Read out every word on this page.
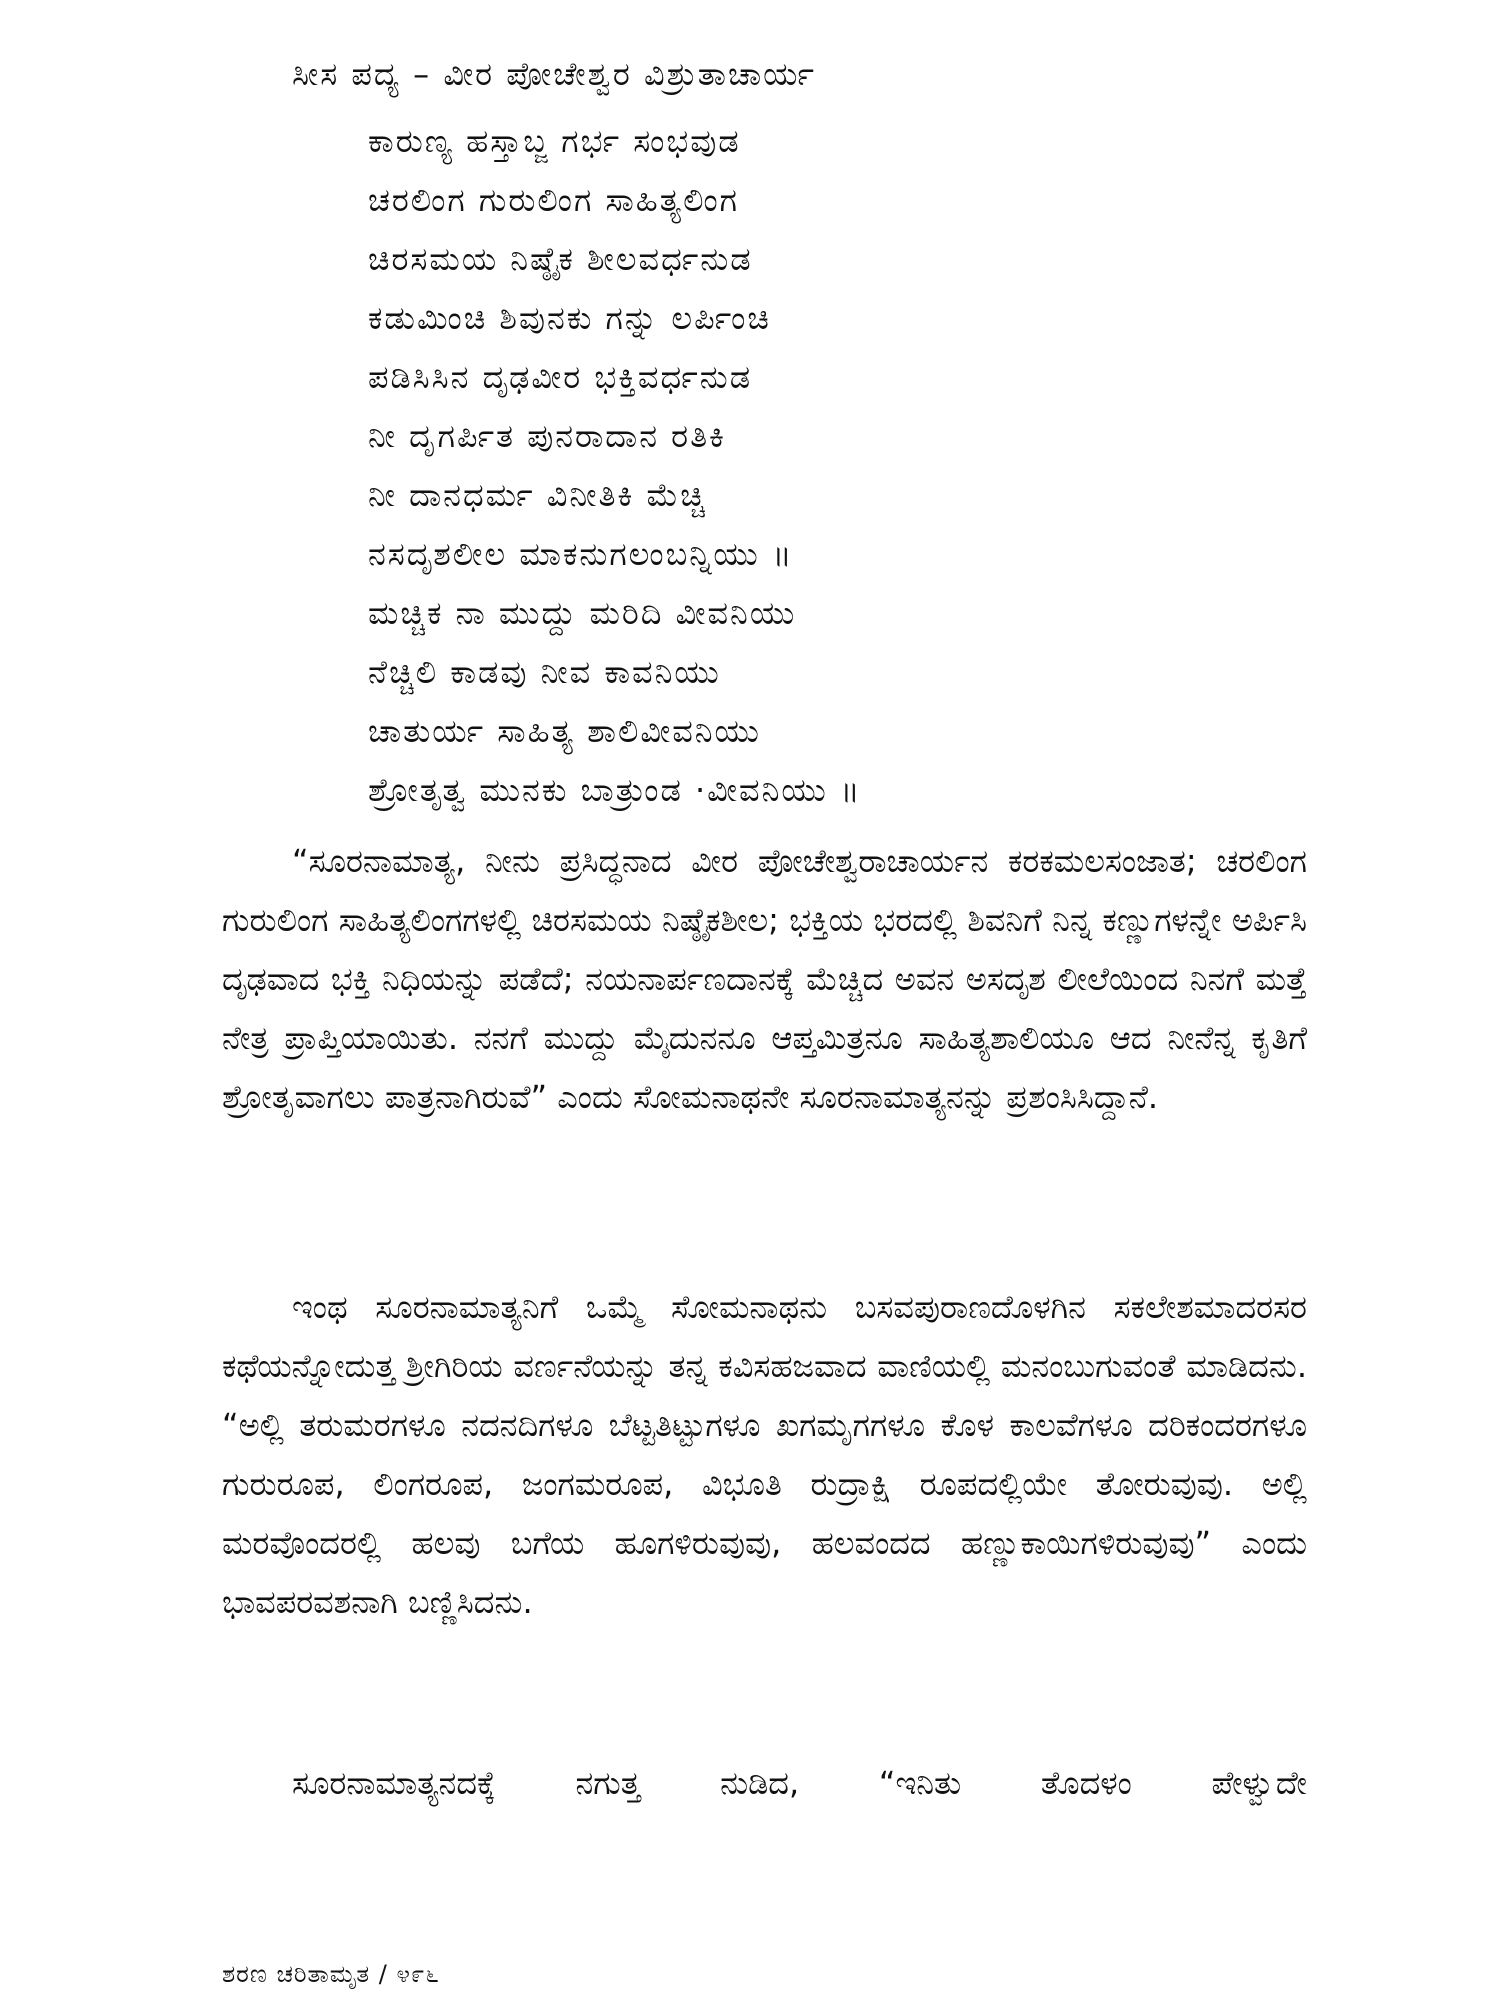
ಸೀಸ ಪದ್ಯ – ವೀರ ಪೋಚೇಶ್ವರ ವಿಶ್ರುತಾಚಾರ್ಯ
ಕಾರುಣ್ಯ ಹಸ್ತಾಬ್ಜ ಗರ್ಭ ಸಂಭವುಡ
ಚರಲಿಂಗ ಗುರುಲಿಂಗ ಸಾಹಿತ್ಯಲಿಂಗ
ಚಿರಸಮಯ ನಿಷ್ಠೈಕ ಶೀಲವರ್ಧನುಡ
ಕಡುಮಿಂಚಿ ಶಿವುನಕು ಗನ್ನು ಲರ್ಪಿಂಚಿ
ಪಡಿಸಿಸಿನ ದೃಢವೀರ ಭಕ್ತಿವರ್ಧನುಡ
ನೀ ದೃಗರ್ಪಿತ ಪುನರಾದಾನ ರತಿಕಿ
ನೀ ದಾನಧರ್ಮ ವಿನೀತಿಕಿ ಮೆಚ್ಚಿ
ನಸದೃಶಲೀಲ ಮಾಕನುಗಲಂಬನ್ನಿಯು ॥
ಮಚ್ಚಿಕ ನಾ ಮುದ್ದು ಮರಿದಿ ವೀವನಿಯು
ನೆಚ್ಚಿಲಿ ಕಾಡವು ನೀವ ಕಾವನಿಯು
ಚಾತುರ್ಯ ಸಾಹಿತ್ಯ ಶಾಲಿವೀವನಿಯು
ಶ್ರೋತೃತ್ವ ಮುನಕು ಬಾತ್ರುಂಡ ·ವೀವನಿಯು ॥

“ಸೂರನಾಮಾತ್ಯ, ನೀನು ಪ್ರಸಿದ್ಧನಾದ ವೀರ ಪೋಚೇಶ್ವರಾಚಾರ್ಯನ ಕರಕಮಲಸಂಜಾತ; ಚರಲಿಂಗ ಗುರುಲಿಂಗ ಸಾಹಿತ್ಯಲಿಂಗಗಳಲ್ಲಿ ಚಿರಸಮಯ ನಿಷ್ಠೈಕಶೀಲ; ಭಕ್ತಿಯ ಭರದಲ್ಲಿ ಶಿವನಿಗೆ ನಿನ್ನ ಕಣ್ಣುಗಳನ್ನೇ ಅರ್ಪಿಸಿ ದೃಢವಾದ ಭಕ್ತಿ ನಿಧಿಯನ್ನು ಪಡೆದೆ; ನಯನಾರ್ಪಣದಾನಕ್ಕೆ ಮೆಚ್ಚಿದ ಅವನ ಅಸದೃಶ ಲೀಲೆಯಿಂದ ನಿನಗೆ ಮತ್ತೆ ನೇತ್ರ ಪ್ರಾಪ್ತಿಯಾಯಿತು. ನನಗೆ ಮುದ್ದು ಮೈದುನನೂ ಆಪ್ತಮಿತ್ರನೂ ಸಾಹಿತ್ಯಶಾಲಿಯೂ ಆದ ನೀನೆನ್ನ ಕೃತಿಗೆ ಶ್ರೋತೃವಾಗಲು ಪಾತ್ರನಾಗಿರುವೆ” ಎಂದು ಸೋಮನಾಥನೇ ಸೂರನಾಮಾತ್ಯನನ್ನು ಪ್ರಶಂಸಿಸಿದ್ದಾನೆ.

ಇಂಥ ಸೂರನಾಮಾತ್ಯನಿಗೆ ಒಮ್ಮೆ ಸೋಮನಾಥನು ಬಸವಪುರಾಣದೊಳಗಿನ ಸಕಲೇಶಮಾದರಸರ ಕಥೆಯನ್ನೋದುತ್ತ ಶ್ರೀಗಿರಿಯ ವರ್ಣನೆಯನ್ನು ತನ್ನ ಕವಿಸಹಜವಾದ ವಾಣಿಯಲ್ಲಿ ಮನಂಬುಗುವಂತೆ ಮಾಡಿದನು. “ಅಲ್ಲಿ ತರುಮರಗಳೂ ನದನದಿಗಳೂ ಬೆಟ್ಟತಿಟ್ಟುಗಳೂ ಖಗಮೃಗಗಳೂ ಕೊಳ ಕಾಲವೆಗಳೂ ದರಿಕಂದರಗಳೂ ಗುರುರೂಪ, ಲಿಂಗರೂಪ, ಜಂಗಮರೂಪ, ವಿಭೂತಿ ರುದ್ರಾಕ್ಷಿ ರೂಪದಲ್ಲಿಯೇ ತೋರುವುವು. ಅಲ್ಲಿ ಮರವೊಂದರಲ್ಲಿ ಹಲವು ಬಗೆಯ ಹೂಗಳಿರುವುವು, ಹಲವಂದದ ಹಣ್ಣುಕಾಯಿಗಳಿರುವುವು” ಎಂದು ಭಾವಪರವಶನಾಗಿ ಬಣ್ಣಿಸಿದನು.

ಸೂರನಾಮಾತ್ಯನದಕ್ಕೆ ನಗುತ್ತ ನುಡಿದ, “ಇನಿತು ತೊದಳಂ ಪೇಳ್ವುದೇ

ಶರಣ ಚರಿತಾಮೃತ / ೪೯೬
